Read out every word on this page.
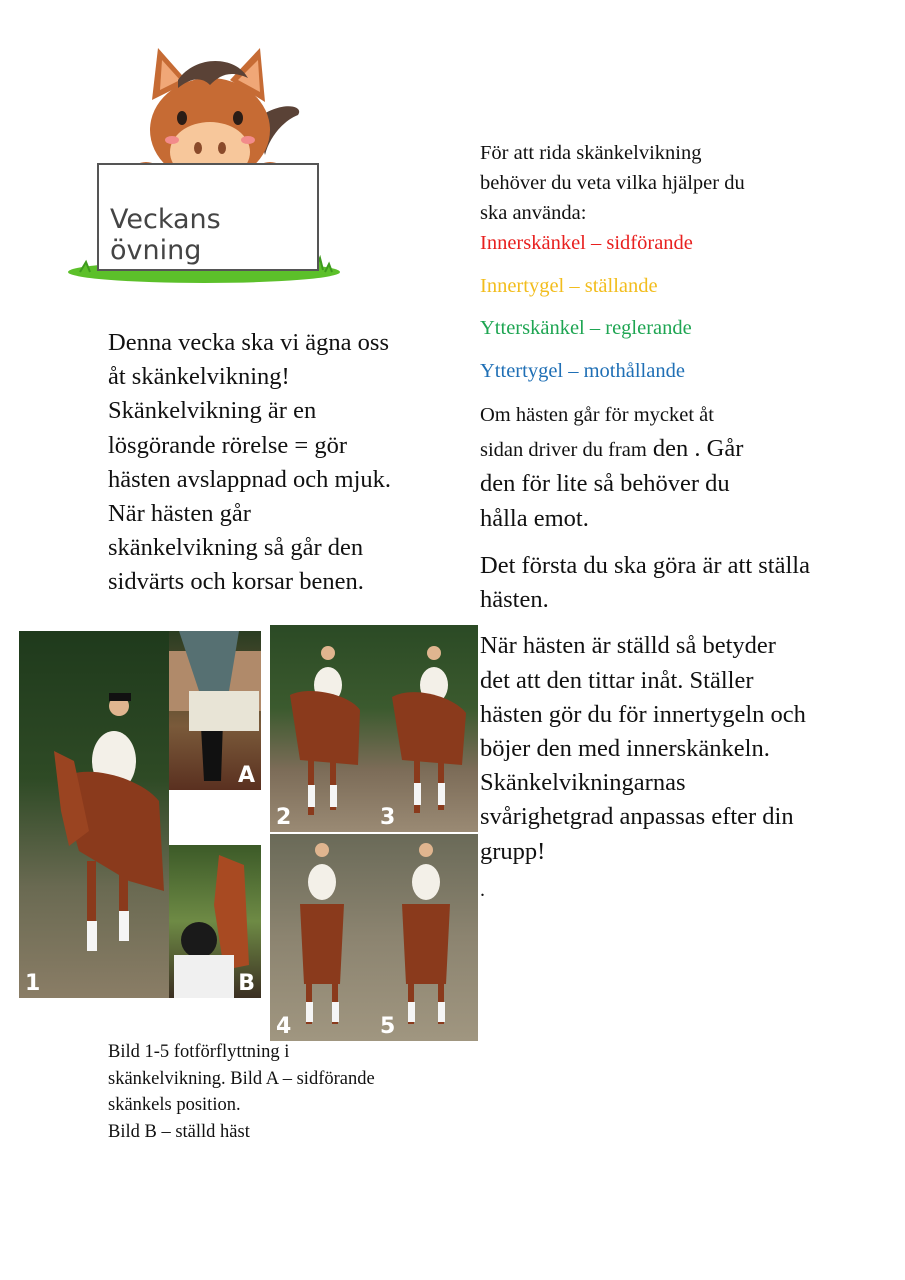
Veckans övning

Denna vecka ska vi ägna oss

åt skänkelvikning!

Skänkelvikning är en

lösgörande rörelse = gör

hästen avslappnad och mjuk.

När hästen går

skänkelvikning så går den

sidvärts och korsar benen.

För att rida skänkelvikning

behöver du veta vilka hjälper du

ska använda:

Innerskänkel – sidförande

Innertygel – ställande

Ytterskänkel – reglerande

Yttertygel – mothållande

Om hästen går för mycket åt
sidan driver du fram den . Går
den för lite så behöver du
hålla emot.

Det första du ska göra är att ställa hästen.

När hästen är ställd så betyder det att den tittar inåt. Ställer hästen gör du för innertygeln och böjer den med innerskänkeln. Skänkelvikningarnas svårighetgrad anpassas efter din grupp!

.

1
A
B
2	3
4	5

Bild 1-5 fotförflyttning i

skänkelvikning. Bild A – sidförande

skänkels position.

Bild B – ställd häst
